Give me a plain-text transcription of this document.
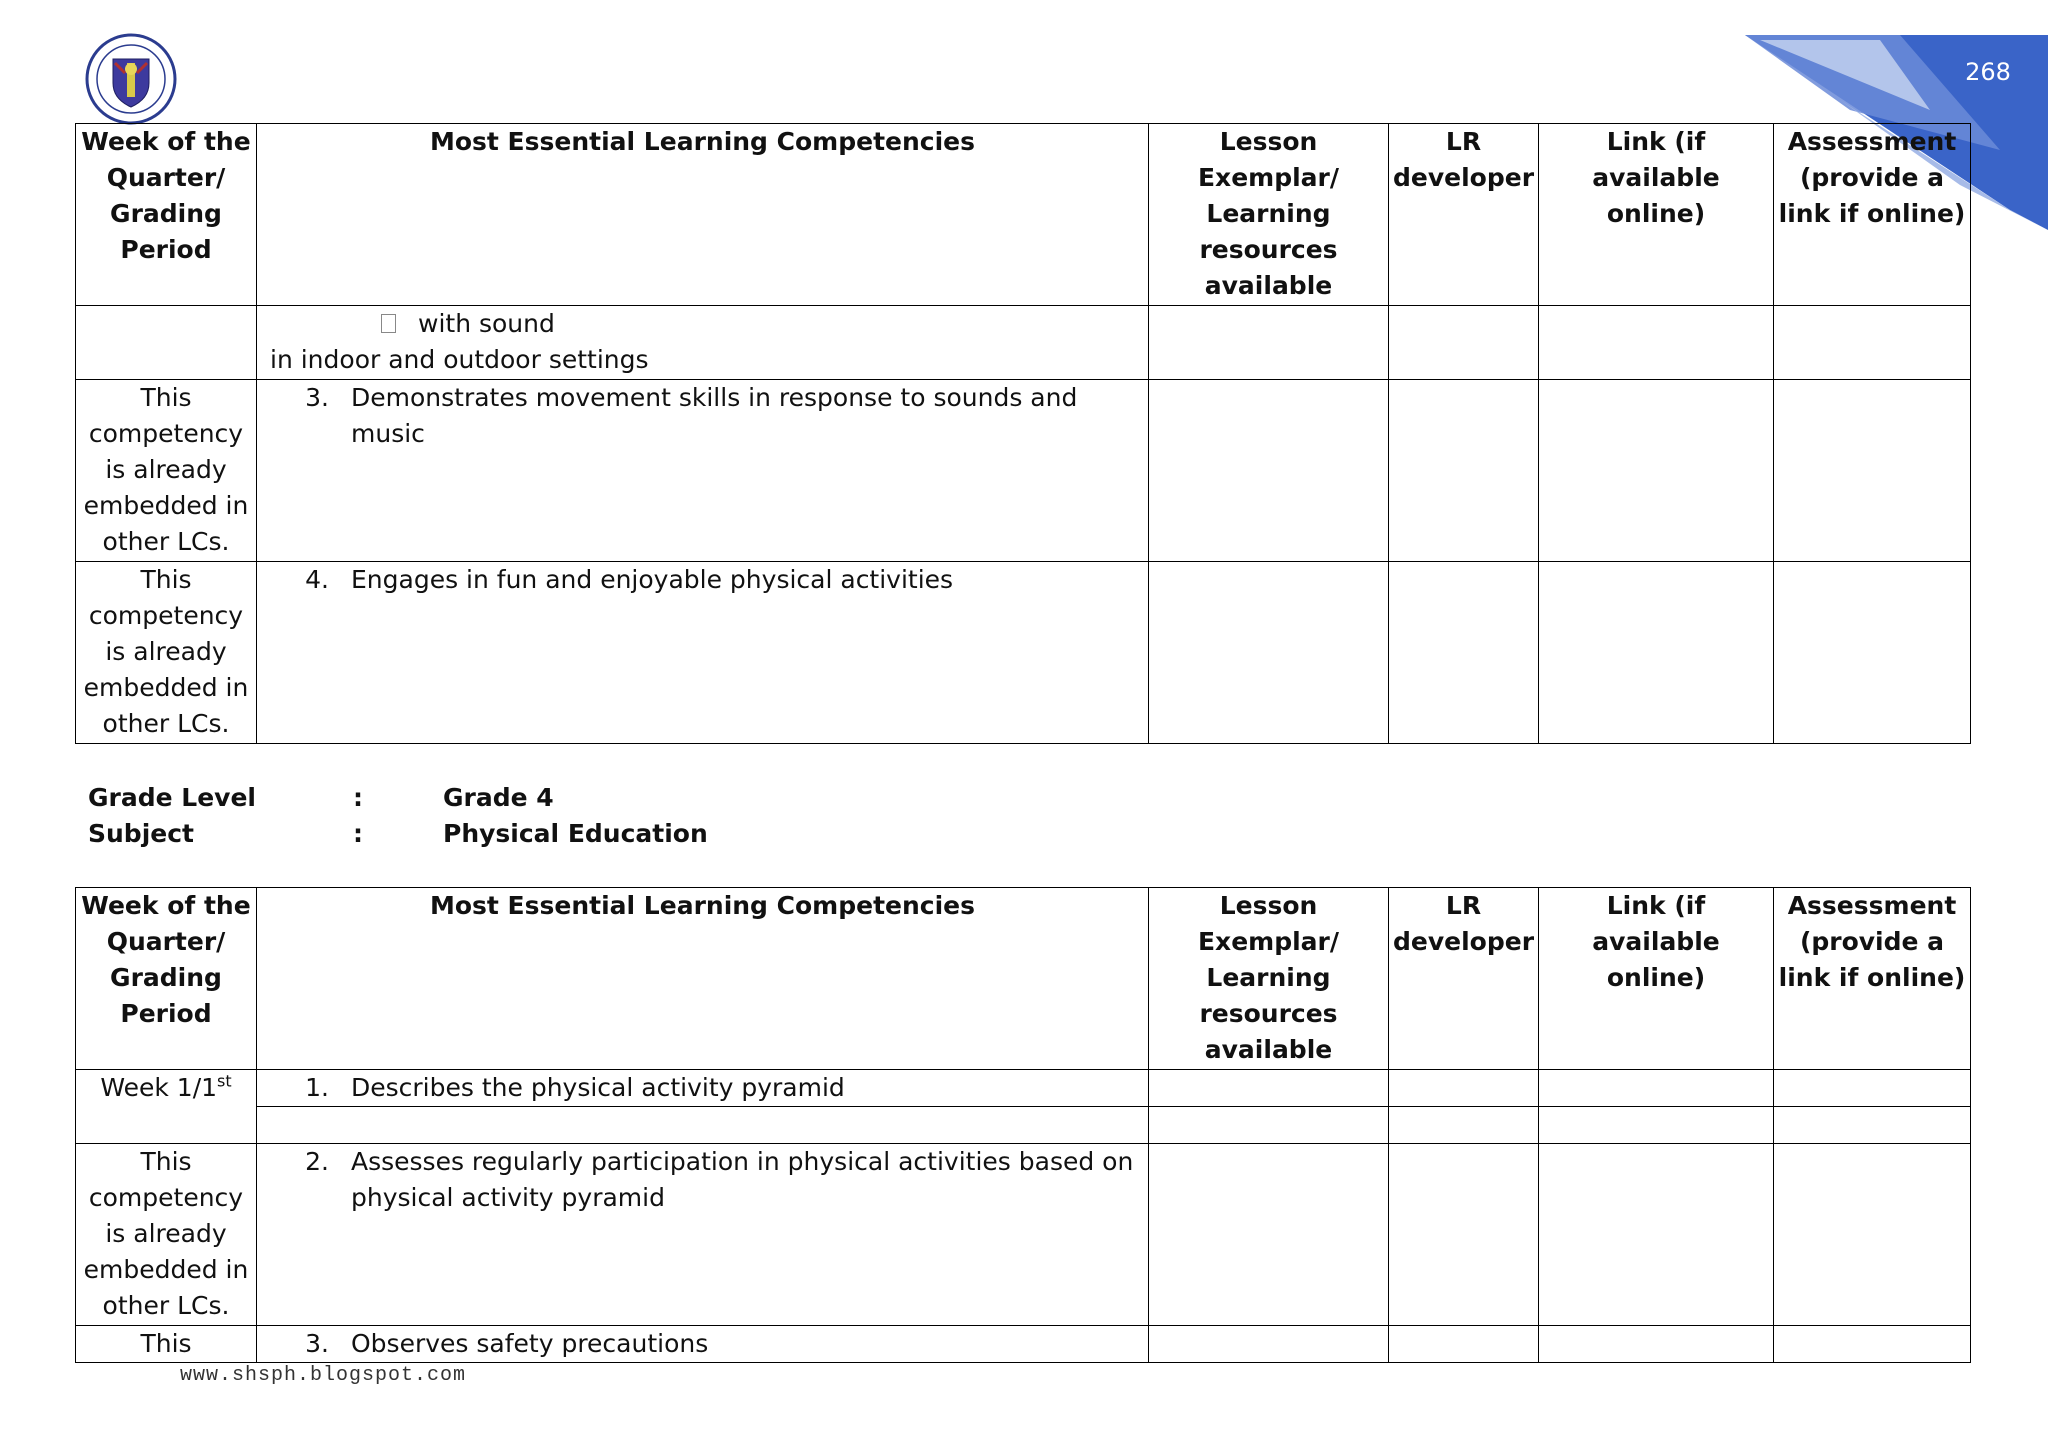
268
Week of the Quarter/ Grading Period	Most Essential Learning Competencies	Lesson Exemplar/ Learning resources available	LR developer	Link (if available online)	Assessment (provide a link if online)

	with sound
in indoor and outdoor settings				

This competency is already embedded in other LCs.	3. Demonstrates movement skills in response to sounds and music				

This competency is already embedded in other LCs.	4. Engages in fun and enjoyable physical activities				

Grade Level	:	Grade 4
Subject	:	Physical Education
Week of the Quarter/ Grading Period	Most Essential Learning Competencies	Lesson Exemplar/ Learning resources available	LR developer	Link (if available online)	Assessment (provide a link if online)
Week 1/1st	1. Describes the physical activity pyramid				

This competency is already embedded in other LCs.	2. Assesses regularly participation in physical activities based on physical activity pyramid				

This	3. Observes safety precautions				

www.shsph.blogspot.com
